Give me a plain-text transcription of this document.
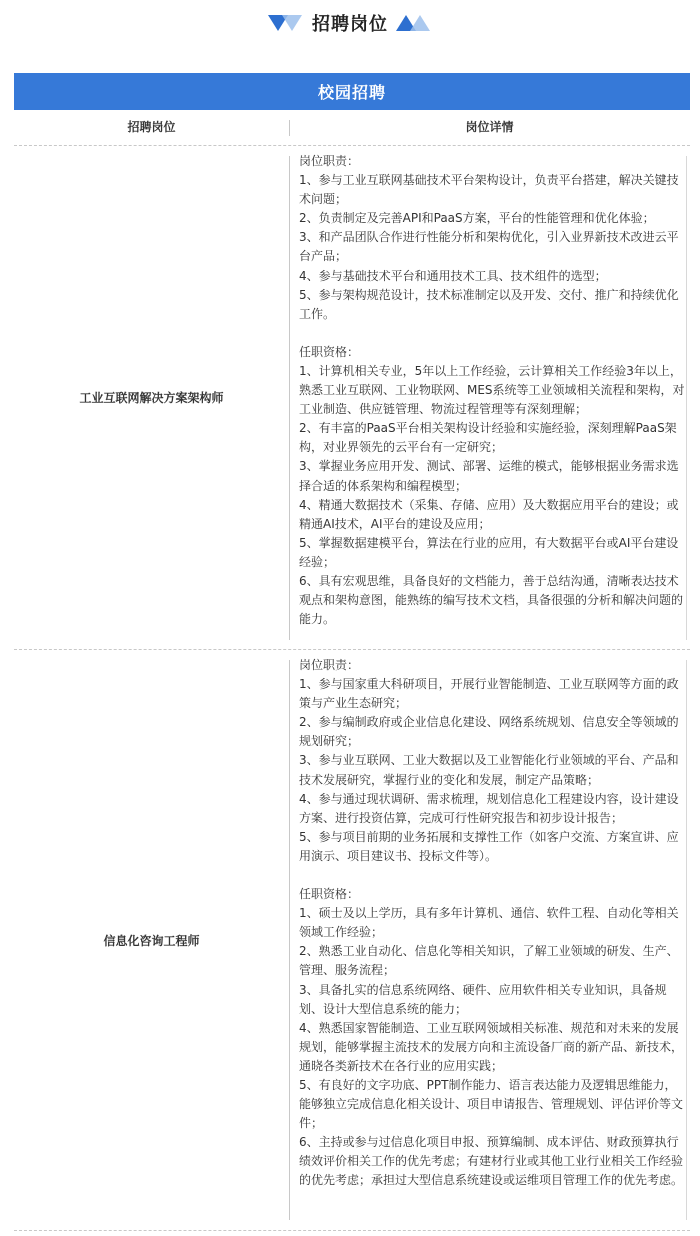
招聘岗位
校园招聘
招聘岗位	岗位详情
工业互联网解决方案架构师
岗位职责：
1、参与工业互联网基础技术平台架构设计，负责平台搭建，解决关键技术问题；
2、负责制定及完善API和PaaS方案，平台的性能管理和优化体验；
3、和产品团队合作进行性能分析和架构优化，引入业界新技术改进云平台产品；
4、参与基础技术平台和通用技术工具、技术组件的选型；
5、参与架构规范设计，技术标准制定以及开发、交付、推广和持续优化工作。
任职资格：
1、计算机相关专业，5年以上工作经验，云计算相关工作经验3年以上，熟悉工业互联网、工业物联网、MES系统等工业领域相关流程和架构，对工业制造、供应链管理、物流过程管理等有深刻理解；
2、有丰富的PaaS平台相关架构设计经验和实施经验，深刻理解PaaS架构，对业界领先的云平台有一定研究；
3、掌握业务应用开发、测试、部署、运维的模式，能够根据业务需求选择合适的体系架构和编程模型；
4、精通大数据技术（采集、存储、应用）及大数据应用平台的建设；或精通AI技术，AI平台的建设及应用；
5、掌握数据建模平台，算法在行业的应用，有大数据平台或AI平台建设经验；
6、具有宏观思维，具备良好的文档能力，善于总结沟通，清晰表达技术观点和架构意图，能熟练的编写技术文档，具备很强的分析和解决问题的能力。
信息化咨询工程师
岗位职责：
1、参与国家重大科研项目，开展行业智能制造、工业互联网等方面的政策与产业生态研究；
2、参与编制政府或企业信息化建设、网络系统规划、信息安全等领域的规划研究；
3、参与业互联网、工业大数据以及工业智能化行业领域的平台、产品和技术发展研究，掌握行业的变化和发展，制定产品策略；
4、参与通过现状调研、需求梳理，规划信息化工程建设内容，设计建设方案、进行投资估算，完成可行性研究报告和初步设计报告；
5、参与项目前期的业务拓展和支撑性工作（如客户交流、方案宣讲、应用演示、项目建议书、投标文件等）。
任职资格：
1、硕士及以上学历，具有多年计算机、通信、软件工程、自动化等相关领域工作经验；
2、熟悉工业自动化、信息化等相关知识，了解工业领域的研发、生产、管理、服务流程；
3、具备扎实的信息系统网络、硬件、应用软件相关专业知识，具备规划、设计大型信息系统的能力；
4、熟悉国家智能制造、工业互联网领域相关标准、规范和对未来的发展规划，能够掌握主流技术的发展方向和主流设备厂商的新产品、新技术，通晓各类新技术在各行业的应用实践；
5、有良好的文字功底、PPT制作能力、语言表达能力及逻辑思维能力，能够独立完成信息化相关设计、项目申请报告、管理规划、评估评价等文件；
6、主持或参与过信息化项目申报、预算编制、成本评估、财政预算执行绩效评价相关工作的优先考虑；有建材行业或其他工业行业相关工作经验的优先考虑；承担过大型信息系统建设或运维项目管理工作的优先考虑。
